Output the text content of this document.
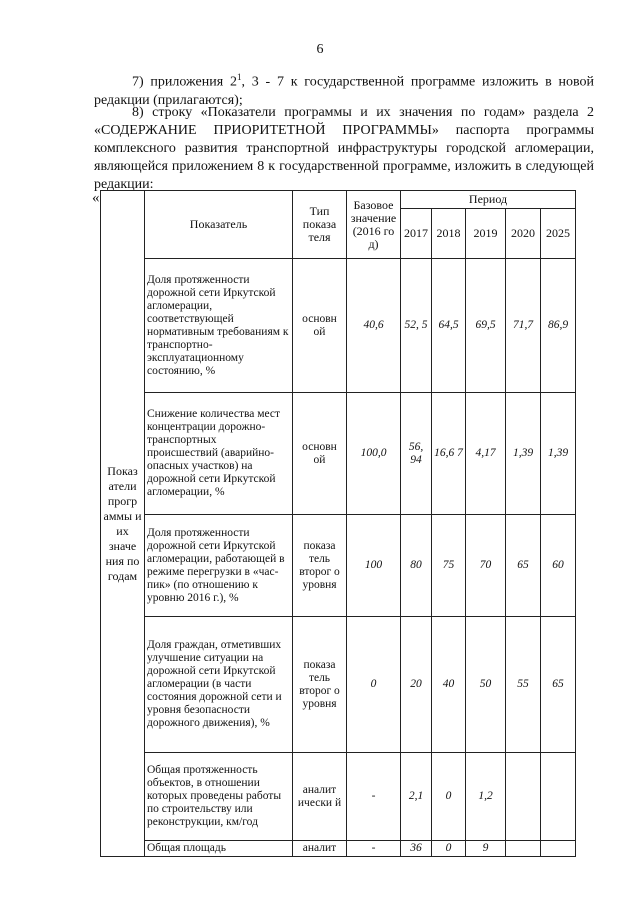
6
7) приложения $2^1$, 3 - 7 к государственной программе изложить в новой редакции (прилагаются);
8) строку «Показатели программы и их значения по годам» раздела 2 «СОДЕРЖАНИЕ ПРИОРИТЕТНОЙ ПРОГРАММЫ» паспорта программы комплексного развития транспортной инфраструктуры городской агломерации, являющейся приложением 8 к государственной программе, изложить в следующей редакции:
«
Показ атели прогр аммы и их значе ния по годам	Показатель	Тип показа теля	Базовое значение (2016 го д)	Период				
				2017	2018	2019	2020	2025
	Доля протяженности дорожной сети Иркутской агломерации, соответствующей нормативным требованиям к транспортно-эксплуатационному состоянию, %	основн ой	40,6	52, 5	64,5	69,5	71,7	86,9
	Снижение количества мест концентрации дорожно-транспортных происшествий (аварийно-опасных участков) на дорожной сети Иркутской агломерации, %	основн ой	100,0	56, 94	16,6 7	4,17	1,39	1,39
	Доля протяженности дорожной сети Иркутской агломерации, работающей в режиме перегрузки в «час-пик» (по отношению к уровню 2016 г.), %	показа тель второг о уровня	100	80	75	70	65	60
	Доля граждан, отметивших улучшение ситуации на дорожной сети Иркутской агломерации (в части состояния дорожной сети и уровня безопасности дорожного движения), %	показа тель второг о уровня	0	20	40	50	55	65
	Общая протяженность объектов, в отношении которых проведены работы по строительству или реконструкции, км/год	аналит ически й	-	2,1	0	1,2		
	Общая площадь	аналит	-	36	0	9		
